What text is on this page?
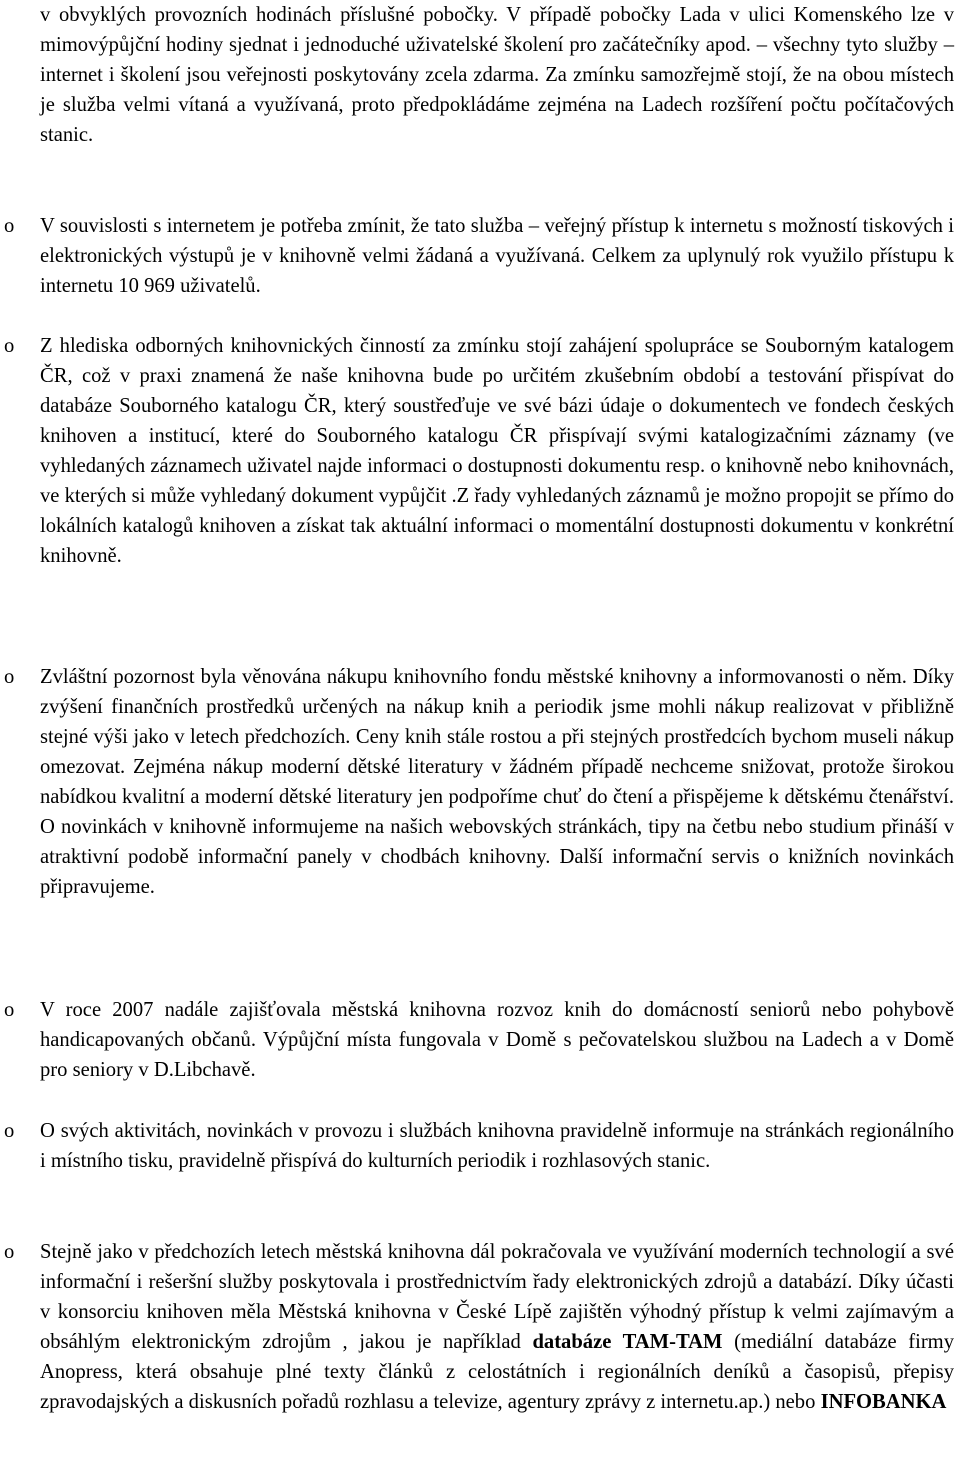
v obvyklých provozních hodinách příslušné pobočky. V případě pobočky Lada v ulici Komenského lze v mimovýpůjční hodiny sjednat i jednoduché uživatelské školení pro začátečníky apod. – všechny tyto služby – internet i školení jsou veřejnosti poskytovány zcela zdarma. Za zmínku samozřejmě stojí, že na obou místech je služba velmi vítaná a využívaná, proto předpokládáme zejména na Ladech rozšíření počtu počítačových stanic.

o	V souvislosti s internetem je potřeba zmínit, že tato služba – veřejný přístup k internetu s možností tiskových i elektronických výstupů je v knihovně velmi žádaná a využívaná. Celkem za uplynulý rok využilo přístupu k internetu 10 969 uživatelů.

o	Z hlediska odborných knihovnických činností za zmínku stojí zahájení spolupráce se Souborným katalogem ČR, což v praxi znamená že naše knihovna bude po určitém zkušebním období a testování přispívat do databáze Souborného katalogu ČR, který soustřeďuje ve své bázi údaje o dokumentech ve fondech českých knihoven a institucí, které do Souborného katalogu ČR přispívají svými katalogizačními záznamy (ve vyhledaných záznamech uživatel najde informaci o dostupnosti dokumentu resp. o knihovně nebo knihovnách, ve kterých si může vyhledaný dokument vypůjčit .Z řady vyhledaných záznamů je možno propojit se přímo do lokálních katalogů knihoven a získat tak aktuální informaci o momentální dostupnosti dokumentu v konkrétní knihovně.

o	Zvláštní pozornost byla věnována nákupu knihovního fondu městské knihovny a informovanosti o něm. Díky zvýšení finančních prostředků určených na nákup knih a periodik jsme mohli nákup realizovat v přibližně stejné výši jako v letech předchozích. Ceny knih stále rostou a při stejných prostředcích bychom museli nákup omezovat. Zejména nákup moderní dětské literatury v žádném případě nechceme snižovat, protože širokou nabídkou kvalitní a moderní dětské literatury jen podpoříme chuť do čtení a přispějeme k dětskému čtenářství. O novinkách v knihovně informujeme na našich webovských stránkách, tipy na četbu nebo studium přináší v atraktivní podobě informační panely v chodbách knihovny. Další informační servis o knižních novinkách připravujeme.

o	V roce 2007 nadále zajišťovala městská knihovna rozvoz knih do domácností seniorů nebo pohybově handicapovaných občanů. Výpůjční místa fungovala v Domě s pečovatelskou službou na Ladech a v Domě pro seniory v D.Libchavě.

o	O svých aktivitách, novinkách v provozu i službách knihovna pravidelně informuje na stránkách regionálního i místního tisku, pravidelně přispívá do kulturních periodik i rozhlasových stanic.

o	Stejně jako v předchozích letech městská knihovna dál pokračovala ve využívání moderních technologií a své informační i rešeršní služby poskytovala i prostřednictvím řady elektronických zdrojů a databází. Díky účasti v konsorciu knihoven měla Městská knihovna v České Lípě zajištěn výhodný přístup k velmi zajímavým a obsáhlým elektronickým zdrojům , jakou je například databáze TAM-TAM (mediální databáze firmy Anopress, která obsahuje plné texty článků z celostátních i regionálních deníků a časopisů, přepisy zpravodajských a diskusních pořadů rozhlasu a televize, agentury zprávy z internetu.ap.) nebo INFOBANKA
